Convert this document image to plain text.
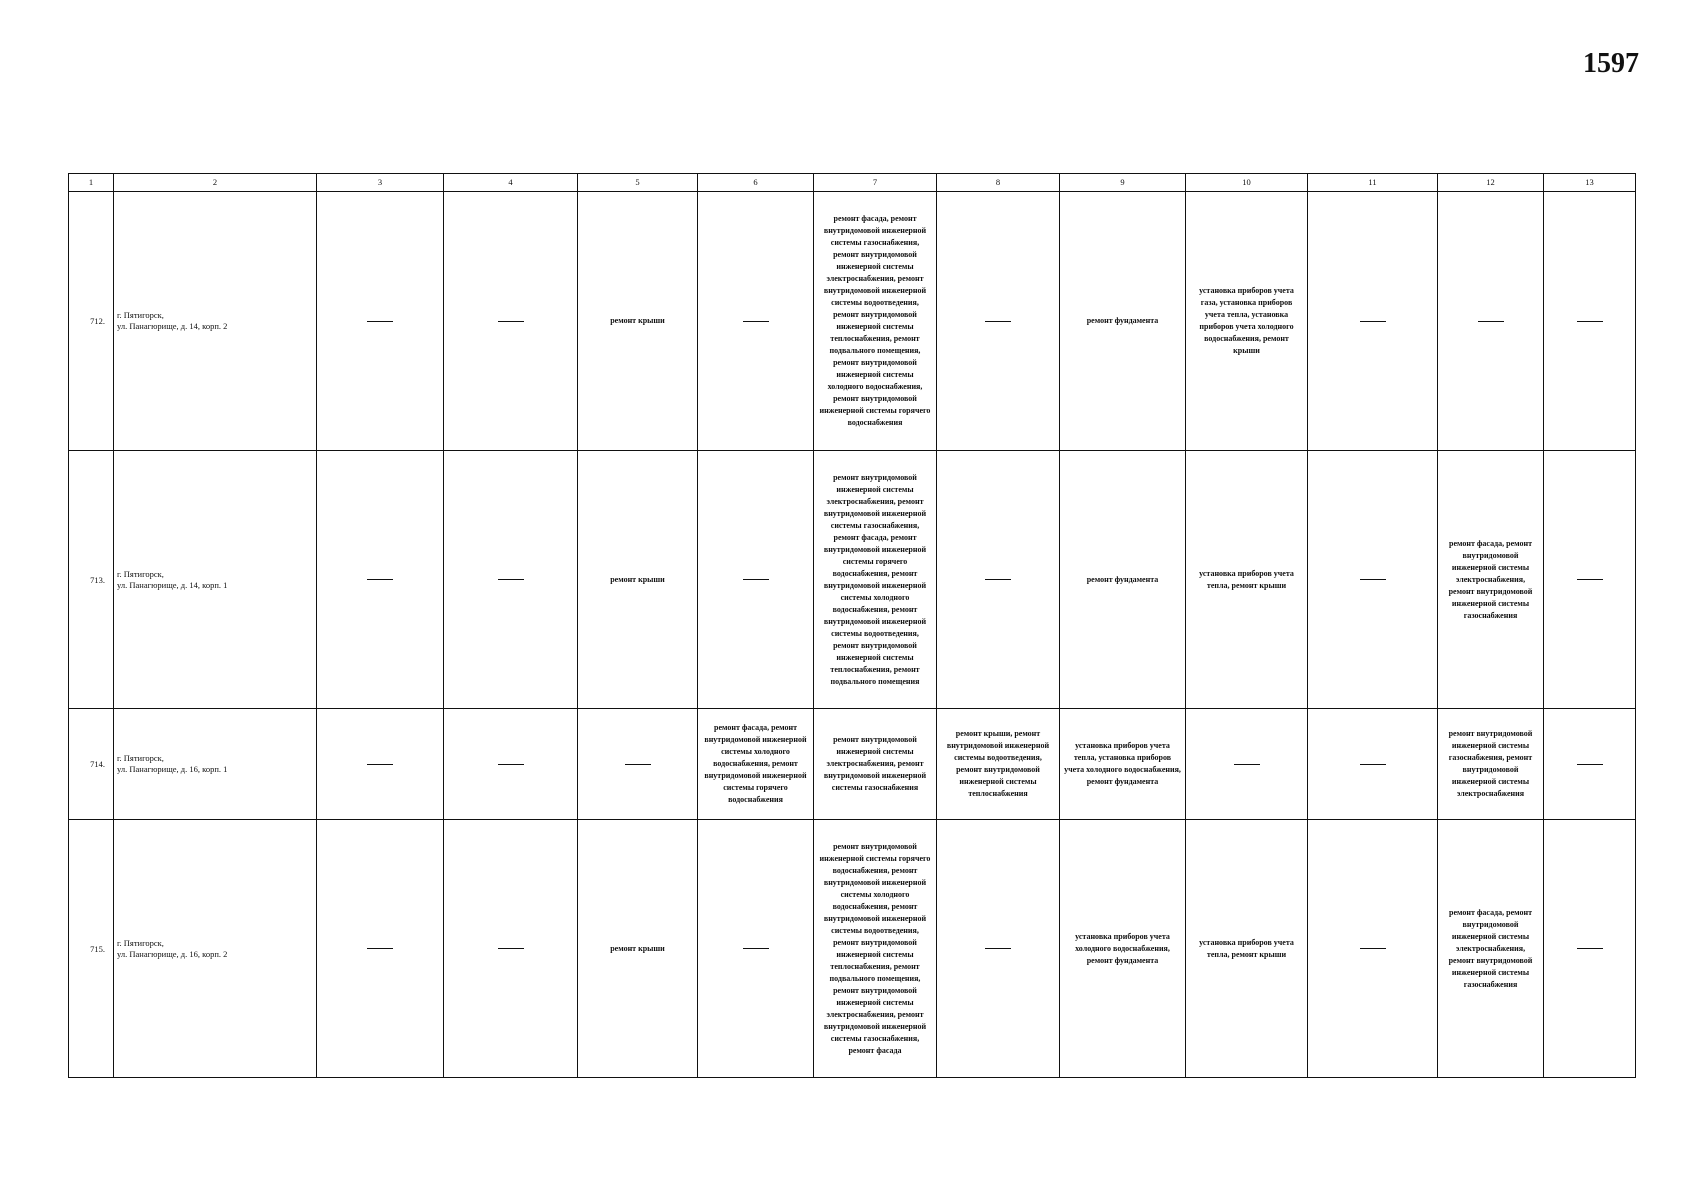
1597
1	2	3	4	5	6	7	8	9	10	11	12	13
712.	г. Пятигорск,
ул. Панагюрище, д. 14, корп. 2			ремонт крыши		ремонт фасада, ремонт внутридомовой инженерной системы газоснабжения, ремонт внутридомовой инженерной системы электроснабжения, ремонт внутридомовой инженерной системы водоотведения, ремонт внутридомовой инженерной системы теплоснабжения, ремонт подвального помещения, ремонт внутридомовой инженерной системы холодного водоснабжения, ремонт внутридомовой инженерной системы горячего водоснабжения		ремонт фундамента	установка приборов учета газа, установка приборов учета тепла, установка приборов учета холодного водоснабжения, ремонт крыши			
713.	г. Пятигорск,
ул. Панагюрище, д. 14, корп. 1			ремонт крыши		ремонт внутридомовой инженерной системы электроснабжения, ремонт внутридомовой инженерной системы газоснабжения, ремонт фасада, ремонт внутридомовой инженерной системы горячего водоснабжения, ремонт внутридомовой инженерной системы холодного водоснабжения, ремонт внутридомовой инженерной системы водоотведения, ремонт внутридомовой инженерной системы теплоснабжения, ремонт подвального помещения		ремонт фундамента	установка приборов учета тепла, ремонт крыши		ремонт фасада, ремонт внутридомовой инженерной системы электроснабжения, ремонт внутридомовой инженерной системы газоснабжения	
714.	г. Пятигорск,
ул. Панагюрище, д. 16, корп. 1				ремонт фасада, ремонт внутридомовой инженерной системы холодного водоснабжения, ремонт внутридомовой инженерной системы горячего водоснабжения	ремонт внутридомовой инженерной системы электроснабжения, ремонт внутридомовой инженерной системы газоснабжения	ремонт крыши, ремонт внутридомовой инженерной системы водоотведения, ремонт внутридомовой инженерной системы теплоснабжения	установка приборов учета тепла, установка приборов учета холодного водоснабжения, ремонт фундамента			ремонт внутридомовой инженерной системы газоснабжения, ремонт внутридомовой инженерной системы электроснабжения	
715.	г. Пятигорск,
ул. Панагюрище, д. 16, корп. 2			ремонт крыши		ремонт внутридомовой инженерной системы горячего водоснабжения, ремонт внутридомовой инженерной системы холодного водоснабжения, ремонт внутридомовой инженерной системы водоотведения, ремонт внутридомовой инженерной системы теплоснабжения, ремонт подвального помещения, ремонт внутридомовой инженерной системы электроснабжения, ремонт внутридомовой инженерной системы газоснабжения, ремонт фасада		установка приборов учета холодного водоснабжения, ремонт фундамента	установка приборов учета тепла, ремонт крыши		ремонт фасада, ремонт внутридомовой инженерной системы электроснабжения, ремонт внутридомовой инженерной системы газоснабжения	
